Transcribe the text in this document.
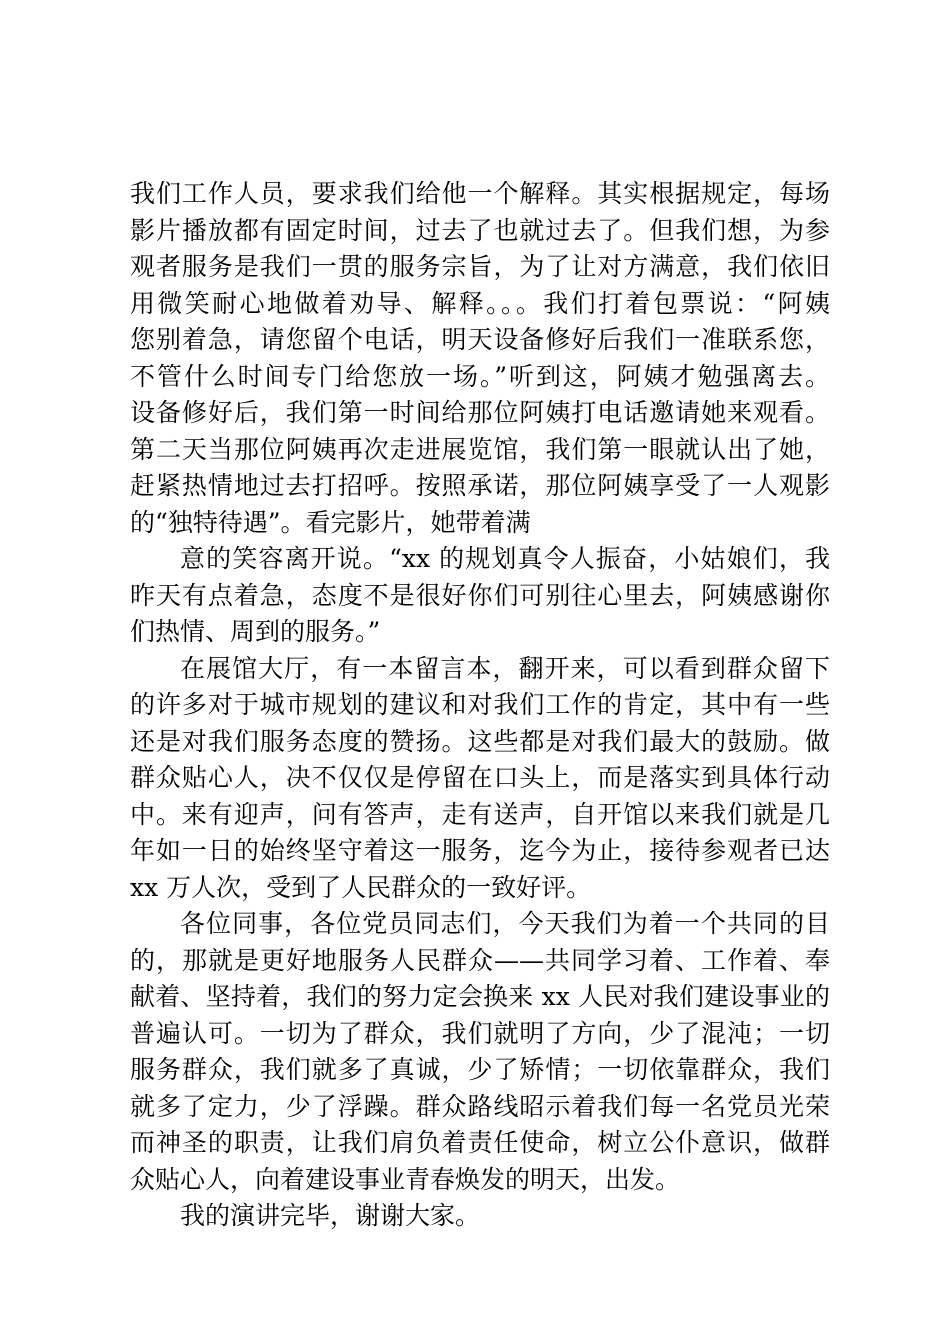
我们工作人员，要求我们给他一个解释。其实根据规定，每场
影片播放都有固定时间，过去了也就过去了。但我们想，为参
观者服务是我们一贯的服务宗旨，为了让对方满意，我们依旧
用微笑耐心地做着劝导、解释。。。我们打着包票说：“阿姨
您别着急，请您留个电话，明天设备修好后我们一准联系您，
不管什么时间专门给您放一场。”听到这，阿姨才勉强离去。
设备修好后，我们第一时间给那位阿姨打电话邀请她来观看。
第二天当那位阿姨再次走进展览馆，我们第一眼就认出了她，
赶紧热情地过去打招呼。按照承诺，那位阿姨享受了一人观影
的“独特待遇”。看完影片，她带着满
意的笑容离开说。“xx 的规划真令人振奋，小姑娘们，我
昨天有点着急，态度不是很好你们可别往心里去，阿姨感谢你
们热情、周到的服务。”
在展馆大厅，有一本留言本，翻开来，可以看到群众留下
的许多对于城市规划的建议和对我们工作的肯定，其中有一些
还是对我们服务态度的赞扬。这些都是对我们最大的鼓励。做
群众贴心人，决不仅仅是停留在口头上，而是落实到具体行动
中。来有迎声，问有答声，走有送声，自开馆以来我们就是几
年如一日的始终坚守着这一服务，迄今为止，接待参观者已达
xx 万人次，受到了人民群众的一致好评。
各位同事，各位党员同志们，今天我们为着一个共同的目
的，那就是更好地服务人民群众——共同学习着、工作着、奉
献着、坚持着，我们的努力定会换来 xx 人民对我们建设事业的
普遍认可。一切为了群众，我们就明了方向，少了混沌；一切
服务群众，我们就多了真诚，少了矫情；一切依靠群众，我们
就多了定力，少了浮躁。群众路线昭示着我们每一名党员光荣
而神圣的职责，让我们肩负着责任使命，树立公仆意识，做群
众贴心人，向着建设事业青春焕发的明天，出发。
我的演讲完毕，谢谢大家。
